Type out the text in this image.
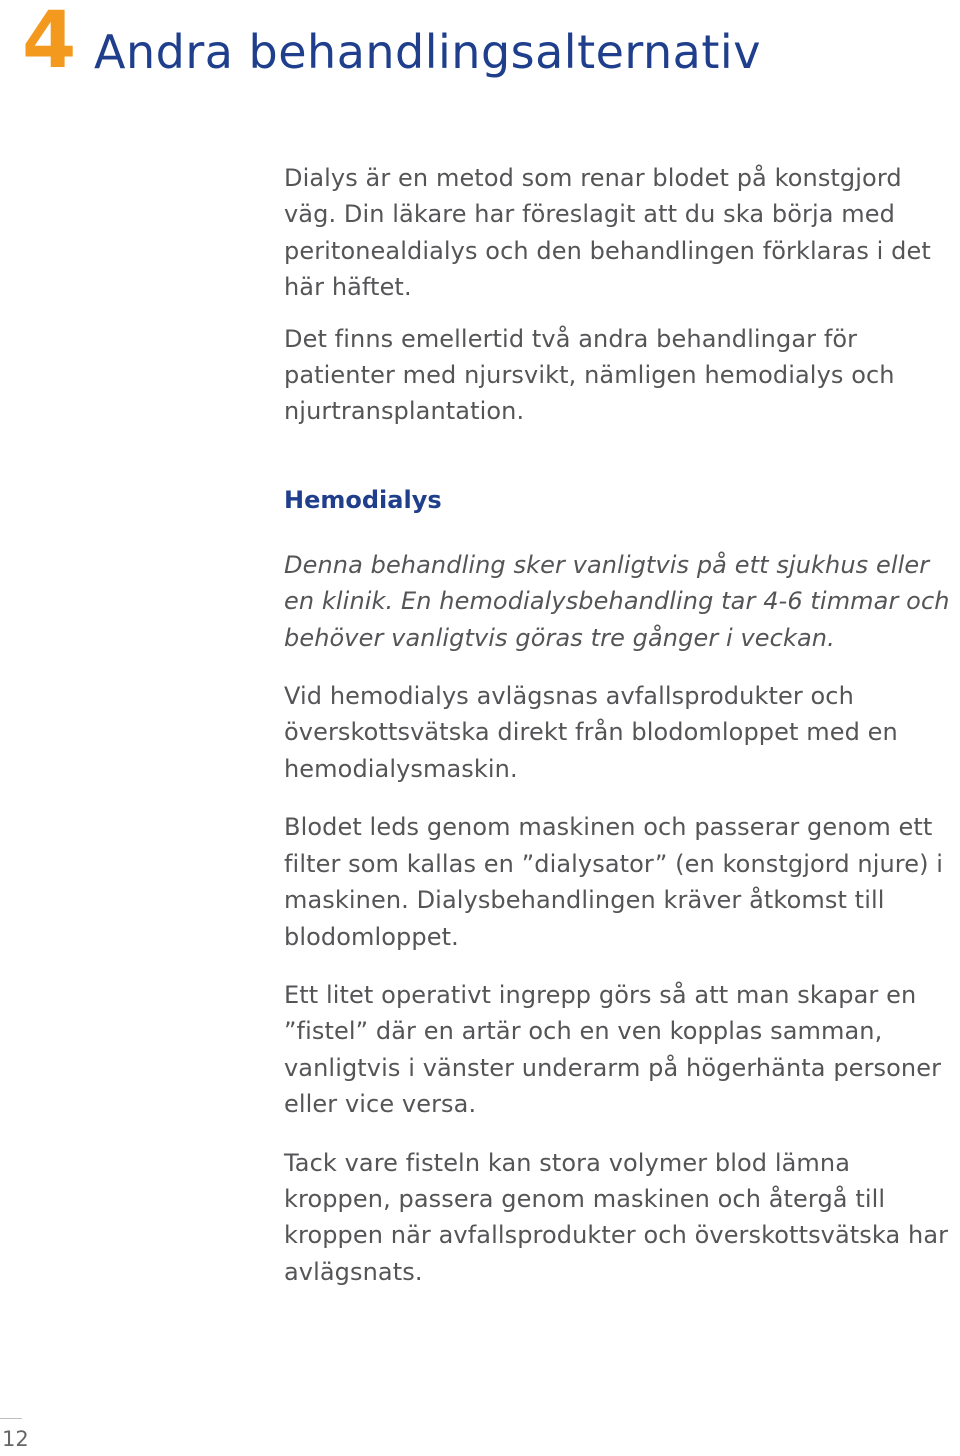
4 Andra behandlingsalternativ

Dialys är en metod som renar blodet på konstgjord väg. Din läkare har föreslagit att du ska börja med peritonealdialys och den behandlingen förklaras i det här häftet.

Det finns emellertid två andra behandlingar för patienter med njursvikt, nämligen hemodialys och njurtransplantation.

Hemodialys

Denna behandling sker vanligtvis på ett sjukhus eller en klinik. En hemodialysbehandling tar 4-6 timmar och behöver vanligtvis göras tre gånger i veckan.

Vid hemodialys avlägsnas avfallsprodukter och överskottsvätska direkt från blodomloppet med en hemodialysmaskin.

Blodet leds genom maskinen och passerar genom ett filter som kallas en ”dialysator” (en konstgjord njure) i maskinen. Dialysbehandlingen kräver åtkomst till blodomloppet.

Ett litet operativt ingrepp görs så att man skapar en ”fistel” där en artär och en ven kopplas samman, vanligtvis i vänster underarm på högerhänta personer eller vice versa.

Tack vare fisteln kan stora volymer blod lämna kroppen, passera genom maskinen och återgå till kroppen när avfallsprodukter och överskottsvätska har avlägsnats.

12
